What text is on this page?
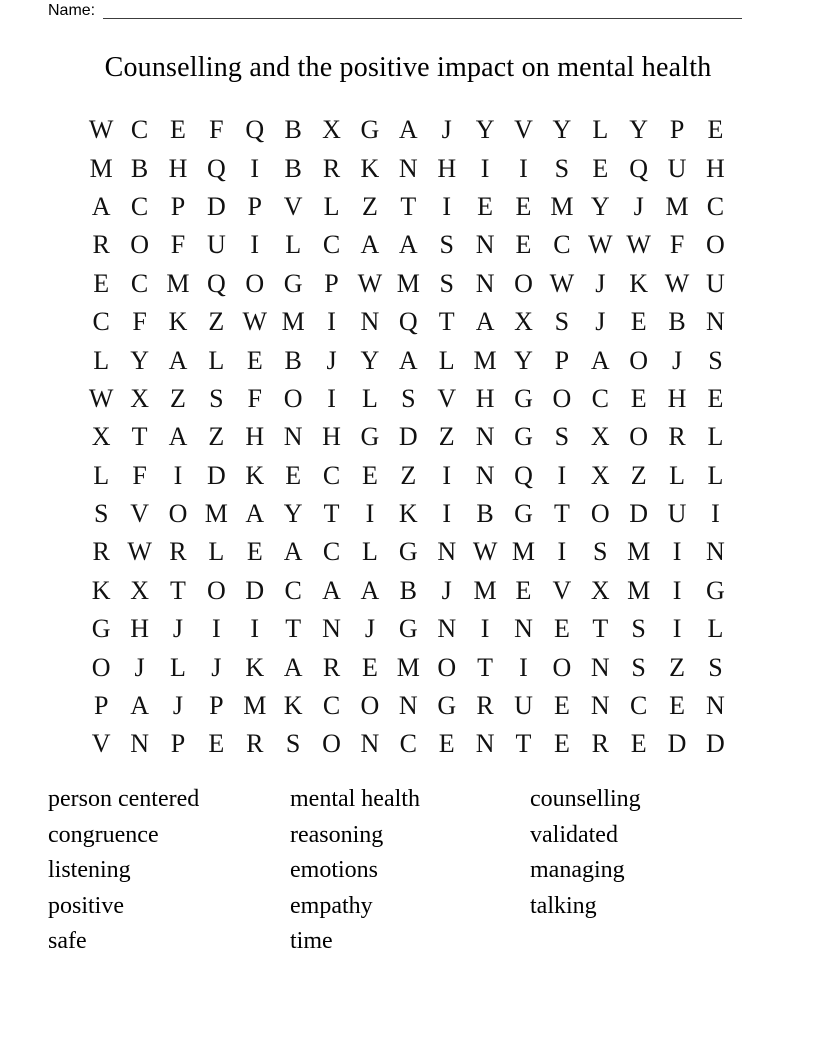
Name:
Counselling and the positive impact on mental health
W C E F Q B X G A J Y V Y L Y P E
M B H Q I B R K N H I	I	S E Q U H
A C P D P V L Z T	I	E E M Y J M C
R O F U I	L C A A S N E C W W F O
E C M Q O G P W M S N O W J K W U
C F K Z W M I N Q T A X S	J E B N
L Y A L E B J Y A L M Y P A O J	S
W X Z S F O I	L S V H G O C E H E
X T A Z H N H G D Z N G S X O R L
L F	I D K E C E Z	I N Q I X Z L L
S V O M A Y T	I K I B G T O D U I
R W R L E A C L G N W M I	S M I N
K X T O D C A A B J M E V X M I G
G H J	I	I	T N J G N I N E T S	I	L
O J L J K A R E M O T	I O N S Z S
P A J	P M K C O N G R U E N C E N
V N P E R S O N C E N T E R E D D
person centered
congruence
listening
positive
safe
mental health
reasoning
emotions
empathy
time
counselling
validated
managing
talking
